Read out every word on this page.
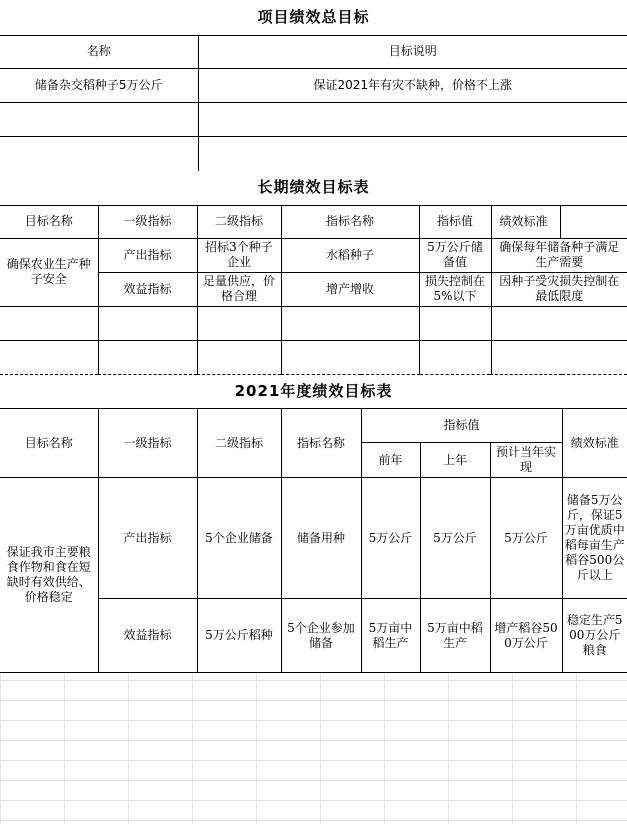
项目绩效总目标	
名称	目标说明
储备杂交稻种子5万公斤	保证2021年有灾不缺种，价格不上涨

长期绩效目标表					
目标名称	一级指标	二级指标	指标名称	指标值	绩效标准
确保农业生产种子安全	产出指标	招标3个种子企业	水稻种子	5万公斤储备值	确保每年储备种子满足生产需要
	效益指标	足量供应，价格合理	增产增收	损失控制在5%以下	因种子受灾损失控制在最低限度

2021年度绩效目标表							
目标名称	一级指标	二级指标	指标名称	指标值			绩效标准
				前年	上年	预计当年实现	
保证我市主要粮食作物和食在短缺时有效供给、价格稳定	产出指标	5个企业储备	储备用种	5万公斤	5万公斤	5万公斤	储备5万公斤，保证5万亩优质中稻每亩生产稻谷500公斤以上
	效益指标	5万公斤稻种	5个企业参加储备	5万亩中稻生产	5万亩中稻生产	增产稻谷500万公斤	稳定生产500万公斤粮食
